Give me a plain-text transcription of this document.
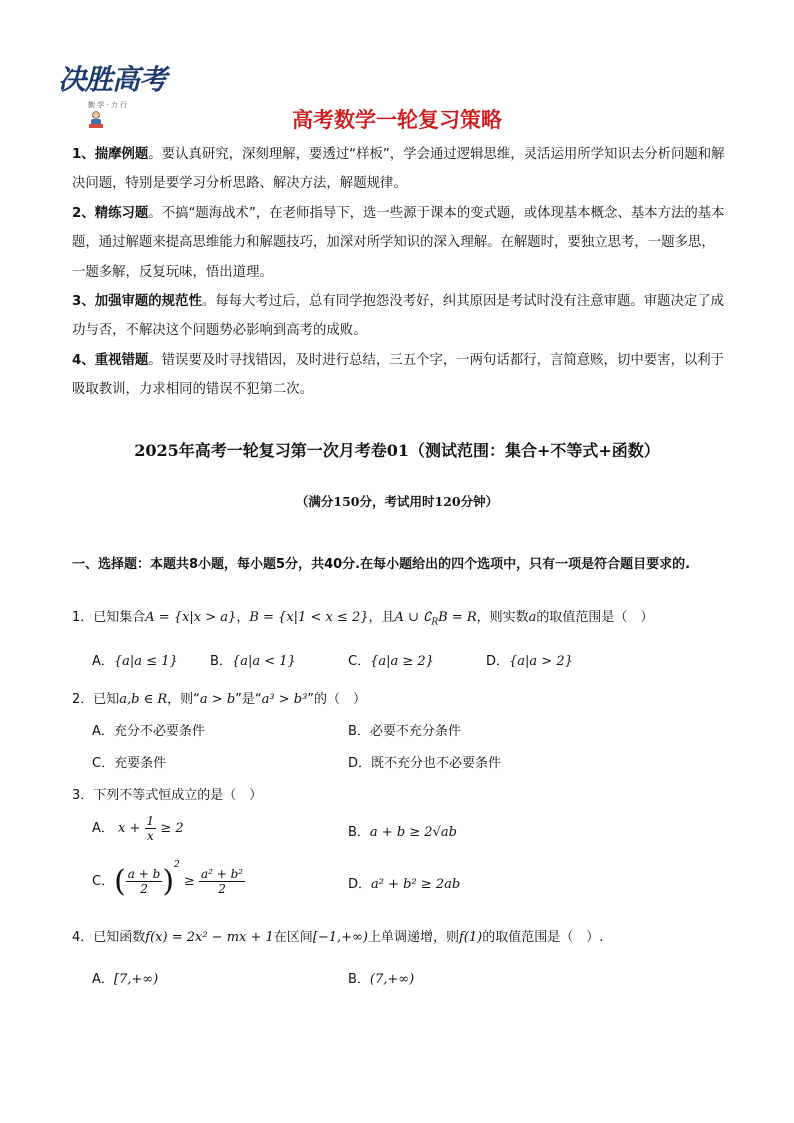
决胜高考
勤 学 · 力 行
高考数学一轮复习策略

1、揣摩例题。要认真研究，深刻理解，要透过“样板”，学会通过逻辑思维，灵活运用所学知识去分析问题和解决问题，特别是要学习分析思路、解决方法，解题规律。

2、精练习题。不搞“题海战术”，在老师指导下，选一些源于课本的变式题，或体现基本概念、基本方法的基本题，通过解题来提高思维能力和解题技巧，加深对所学知识的深入理解。在解题时，要独立思考，一题多思，一题多解，反复玩味，悟出道理。

3、加强审题的规范性。每每大考过后，总有同学抱怨没考好，纠其原因是考试时没有注意审题。审题决定了成功与否，不解决这个问题势必影响到高考的成败。

4、重视错题。错误要及时寻找错因，及时进行总结，三五个字，一两句话都行，言简意赅，切中要害，以利于吸取教训，力求相同的错误不犯第二次。

2025年高考一轮复习第一次月考卷01（测试范围：集合+不等式+函数）
（满分150分，考试用时120分钟）
一、选择题：本题共8小题，每小题5分，共40分.在每小题给出的四个选项中，只有一项是符合题目要求的.
1．已知集合A = {x|x > a}，B = {x|1 < x ≤ 2}，且A ∪ $∁_RB = R$，则实数a的取值范围是（　）
A．{a|a ≤ 1} B．{a|a < 1}	C．{a|a ≥ 2}	D．{a|a > 2}
2．已知a,b ∈ R，则“a > b”是“a³ > b³”的（　）
A．充分不必要条件	B．必要不充分条件
C．充要条件	D．既不充分也不必要条件
3．下列不等式恒成立的是（　）
A． $x + \frac{1}{x} \ge 2$	B．a + b ≥ 2√ab
C．( $\frac{a + b}{2} )^2 \ge \frac{\text{a² + b²}}{2}$	D．a² + b² ≥ 2ab
4．已知函数f(x) = 2x² − mx + 1在区间[−1,+∞)上单调递增，则f(1)的取值范围是（　）.
A．[7,+∞)	B．(7,+∞)
